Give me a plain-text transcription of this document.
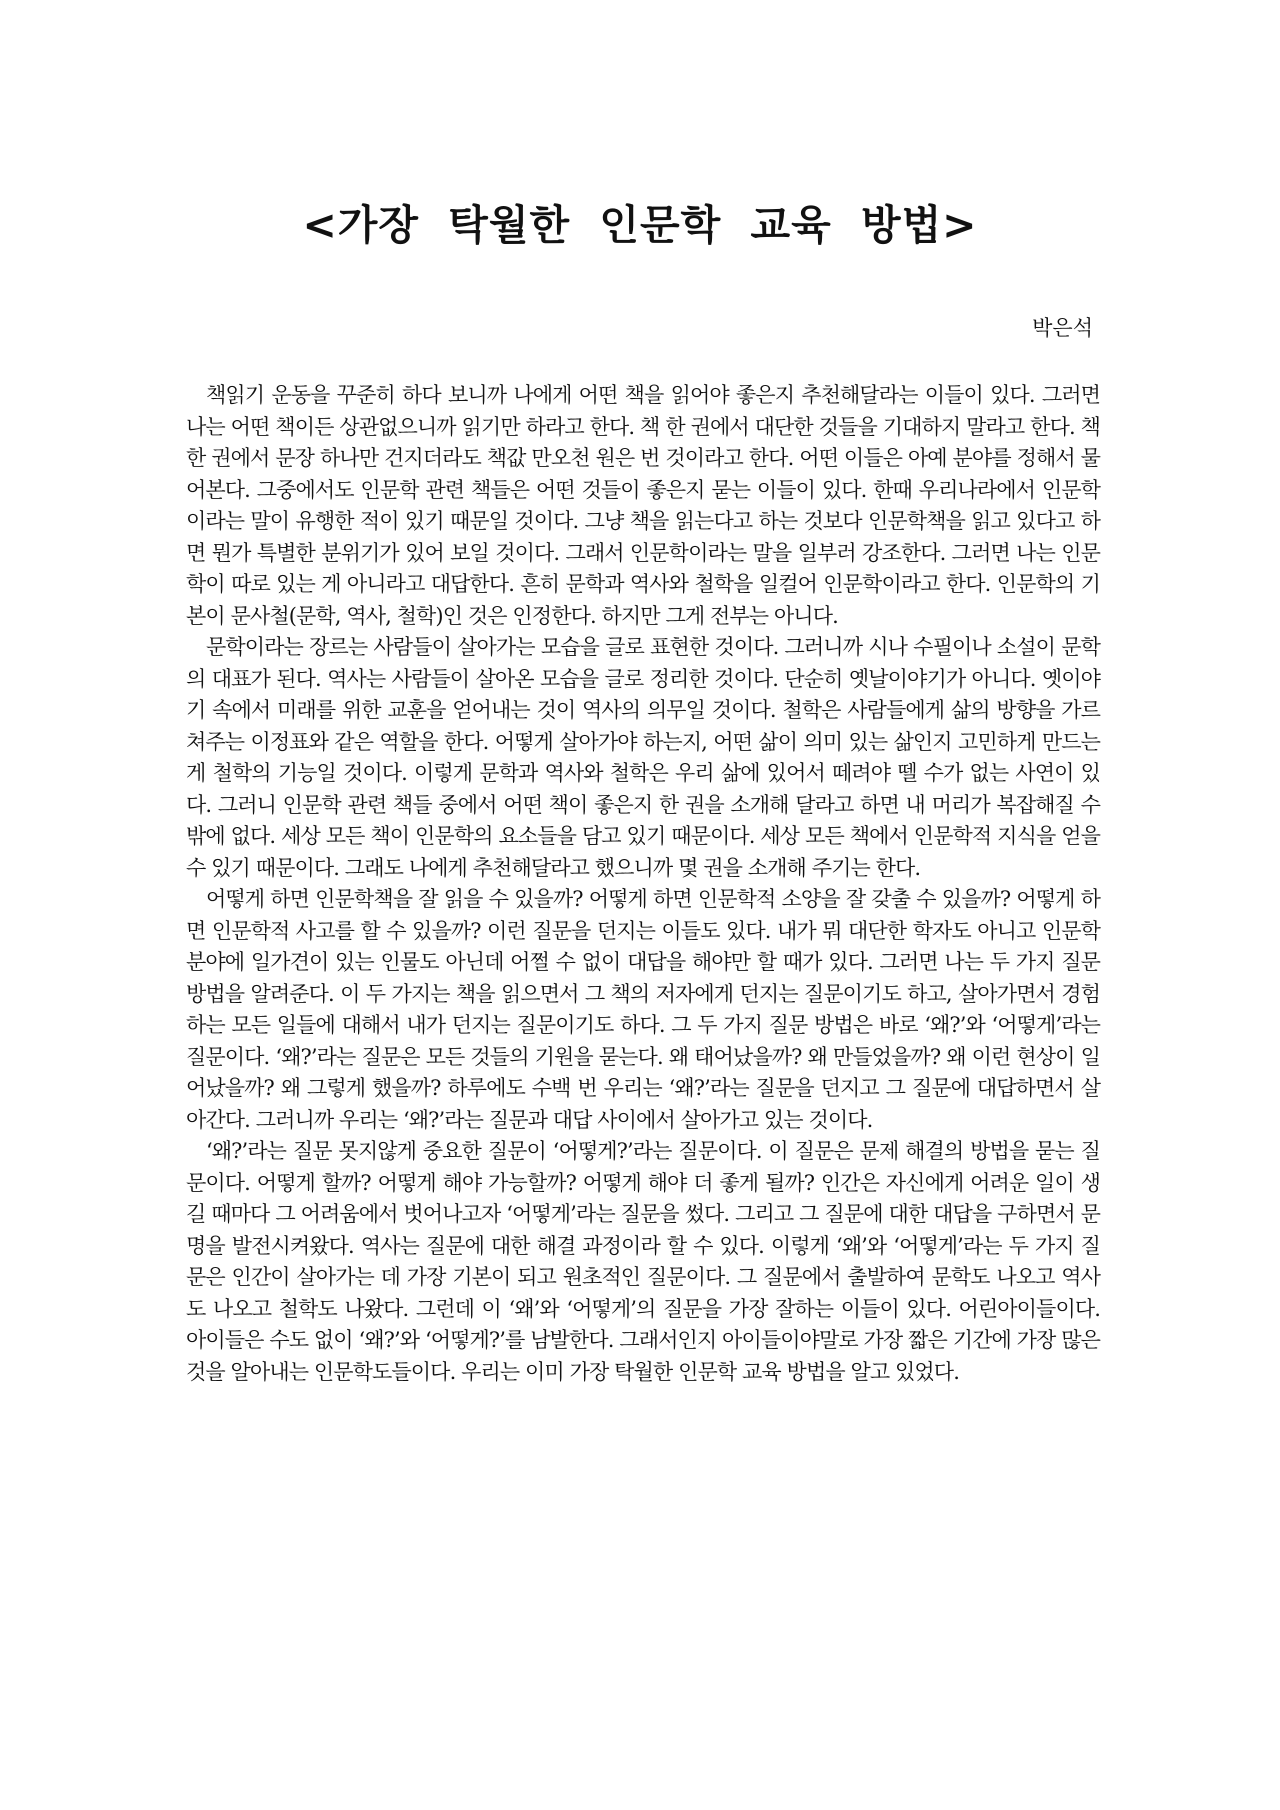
<가장 탁월한 인문학 교육 방법>

박은석

책읽기 운동을 꾸준히 하다 보니까 나에게 어떤 책을 읽어야 좋은지 추천해달라는 이들이 있다. 그러면 나는 어떤 책이든 상관없으니까 읽기만 하라고 한다. 책 한 권에서 대단한 것들을 기대하지 말라고 한다. 책 한 권에서 문장 하나만 건지더라도 책값 만오천 원은 번 것이라고 한다. 어떤 이들은 아예 분야를 정해서 물어본다. 그중에서도 인문학 관련 책들은 어떤 것들이 좋은지 묻는 이들이 있다. 한때 우리나라에서 인문학이라는 말이 유행한 적이 있기 때문일 것이다. 그냥 책을 읽는다고 하는 것보다 인문학책을 읽고 있다고 하면 뭔가 특별한 분위기가 있어 보일 것이다. 그래서 인문학이라는 말을 일부러 강조한다. 그러면 나는 인문학이 따로 있는 게 아니라고 대답한다. 흔히 문학과 역사와 철학을 일컬어 인문학이라고 한다. 인문학의 기본이 문사철(문학, 역사, 철학)인 것은 인정한다. 하지만 그게 전부는 아니다.

문학이라는 장르는 사람들이 살아가는 모습을 글로 표현한 것이다. 그러니까 시나 수필이나 소설이 문학의 대표가 된다. 역사는 사람들이 살아온 모습을 글로 정리한 것이다. 단순히 옛날이야기가 아니다. 옛이야기 속에서 미래를 위한 교훈을 얻어내는 것이 역사의 의무일 것이다. 철학은 사람들에게 삶의 방향을 가르쳐주는 이정표와 같은 역할을 한다. 어떻게 살아가야 하는지, 어떤 삶이 의미 있는 삶인지 고민하게 만드는 게 철학의 기능일 것이다. 이렇게 문학과 역사와 철학은 우리 삶에 있어서 떼려야 뗄 수가 없는 사연이 있다. 그러니 인문학 관련 책들 중에서 어떤 책이 좋은지 한 권을 소개해 달라고 하면 내 머리가 복잡해질 수밖에 없다. 세상 모든 책이 인문학의 요소들을 담고 있기 때문이다. 세상 모든 책에서 인문학적 지식을 얻을 수 있기 때문이다. 그래도 나에게 추천해달라고 했으니까 몇 권을 소개해 주기는 한다.

어떻게 하면 인문학책을 잘 읽을 수 있을까? 어떻게 하면 인문학적 소양을 잘 갖출 수 있을까? 어떻게 하면 인문학적 사고를 할 수 있을까? 이런 질문을 던지는 이들도 있다. 내가 뭐 대단한 학자도 아니고 인문학 분야에 일가견이 있는 인물도 아닌데 어쩔 수 없이 대답을 해야만 할 때가 있다. 그러면 나는 두 가지 질문 방법을 알려준다. 이 두 가지는 책을 읽으면서 그 책의 저자에게 던지는 질문이기도 하고, 살아가면서 경험하는 모든 일들에 대해서 내가 던지는 질문이기도 하다. 그 두 가지 질문 방법은 바로 ‘왜?’와 ‘어떻게’라는 질문이다. ‘왜?’라는 질문은 모든 것들의 기원을 묻는다. 왜 태어났을까? 왜 만들었을까? 왜 이런 현상이 일어났을까? 왜 그렇게 했을까? 하루에도 수백 번 우리는 ‘왜?’라는 질문을 던지고 그 질문에 대답하면서 살아간다. 그러니까 우리는 ‘왜?’라는 질문과 대답 사이에서 살아가고 있는 것이다.

‘왜?’라는 질문 못지않게 중요한 질문이 ‘어떻게?’라는 질문이다. 이 질문은 문제 해결의 방법을 묻는 질문이다. 어떻게 할까? 어떻게 해야 가능할까? 어떻게 해야 더 좋게 될까? 인간은 자신에게 어려운 일이 생길 때마다 그 어려움에서 벗어나고자 ‘어떻게’라는 질문을 썼다. 그리고 그 질문에 대한 대답을 구하면서 문명을 발전시켜왔다. 역사는 질문에 대한 해결 과정이라 할 수 있다. 이렇게 ‘왜’와 ‘어떻게’라는 두 가지 질문은 인간이 살아가는 데 가장 기본이 되고 원초적인 질문이다. 그 질문에서 출발하여 문학도 나오고 역사도 나오고 철학도 나왔다. 그런데 이 ‘왜’와 ‘어떻게’의 질문을 가장 잘하는 이들이 있다. 어린아이들이다. 아이들은 수도 없이 ‘왜?’와 ‘어떻게?’를 남발한다. 그래서인지 아이들이야말로 가장 짧은 기간에 가장 많은 것을 알아내는 인문학도들이다. 우리는 이미 가장 탁월한 인문학 교육 방법을 알고 있었다.
